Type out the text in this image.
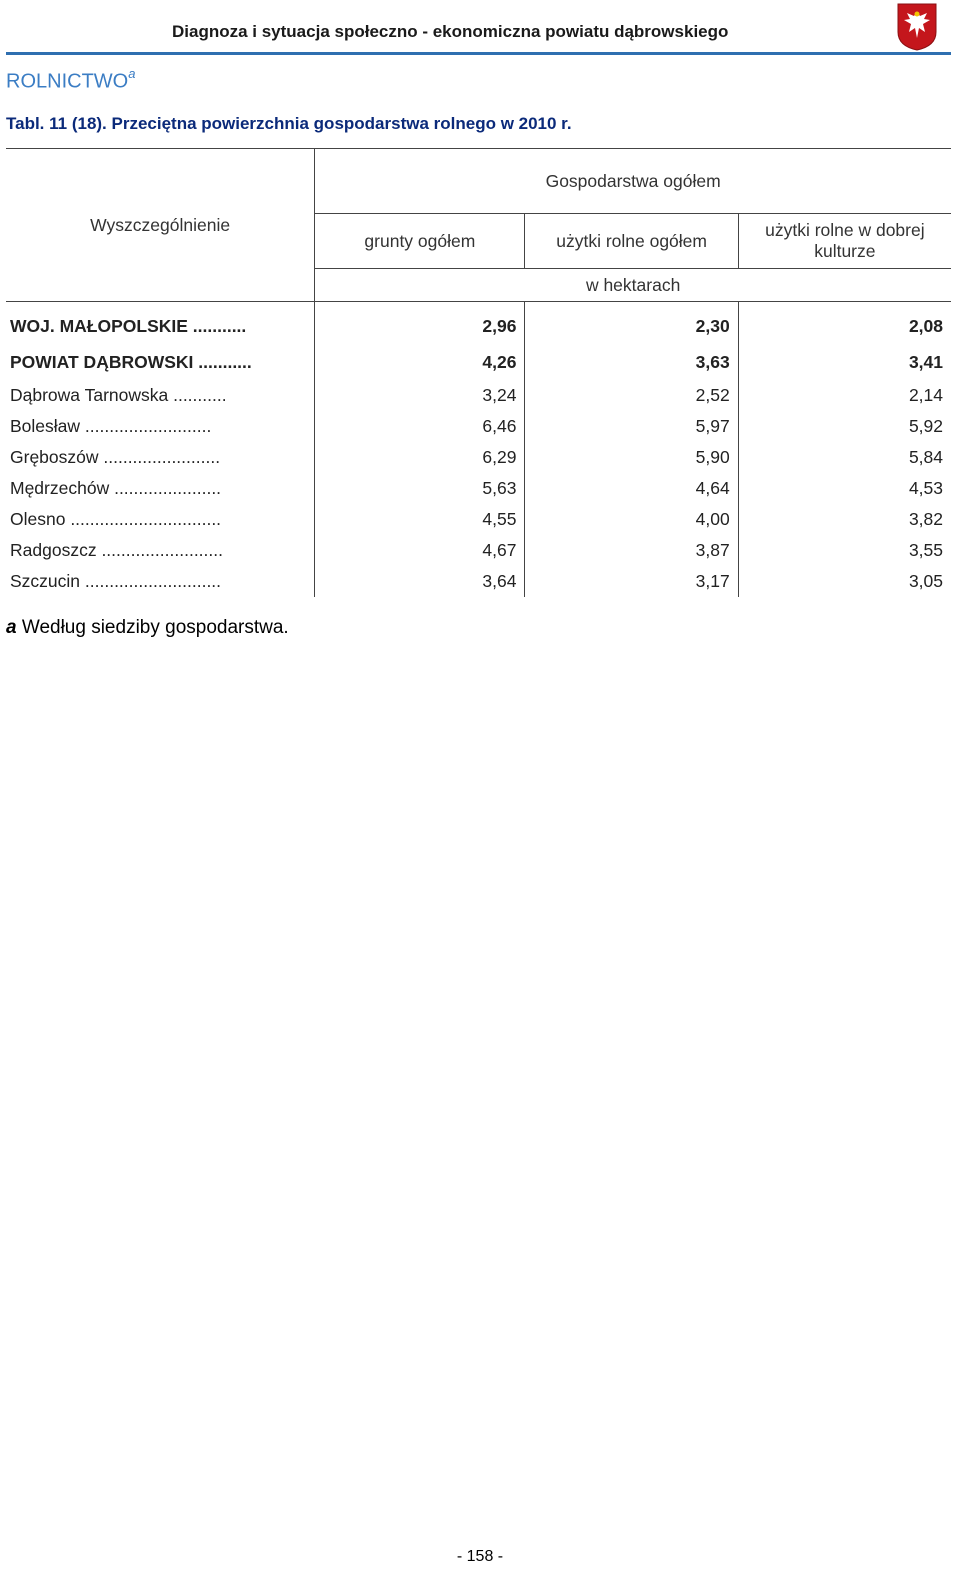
Diagnoza i sytuacja społeczno - ekonomiczna powiatu dąbrowskiego
ROLNICTWO$^a$
Tabl. 11 (18). Przeciętna powierzchnia gospodarstwa rolnego w 2010 r.
Wyszczególnienie	Gospodarstwa ogółem		
	grunty ogółem	użytki rolne ogółem	użytki rolne w dobrej kulturze
	w hektarach		
WOJ. MAŁOPOLSKIE ...........	2,96	2,30	2,08
POWIAT DĄBROWSKI ...........	4,26	3,63	3,41
Dąbrowa Tarnowska ...........	3,24	2,52	2,14
Bolesław ..........................	6,46	5,97	5,92
Gręboszów ........................	6,29	5,90	5,84
Mędrzechów ......................	5,63	4,64	4,53
Olesno ...............................	4,55	4,00	3,82
Radgoszcz .........................	4,67	3,87	3,55
Szczucin ............................	3,64	3,17	3,05
a Według siedziby gospodarstwa.
- 158 -
